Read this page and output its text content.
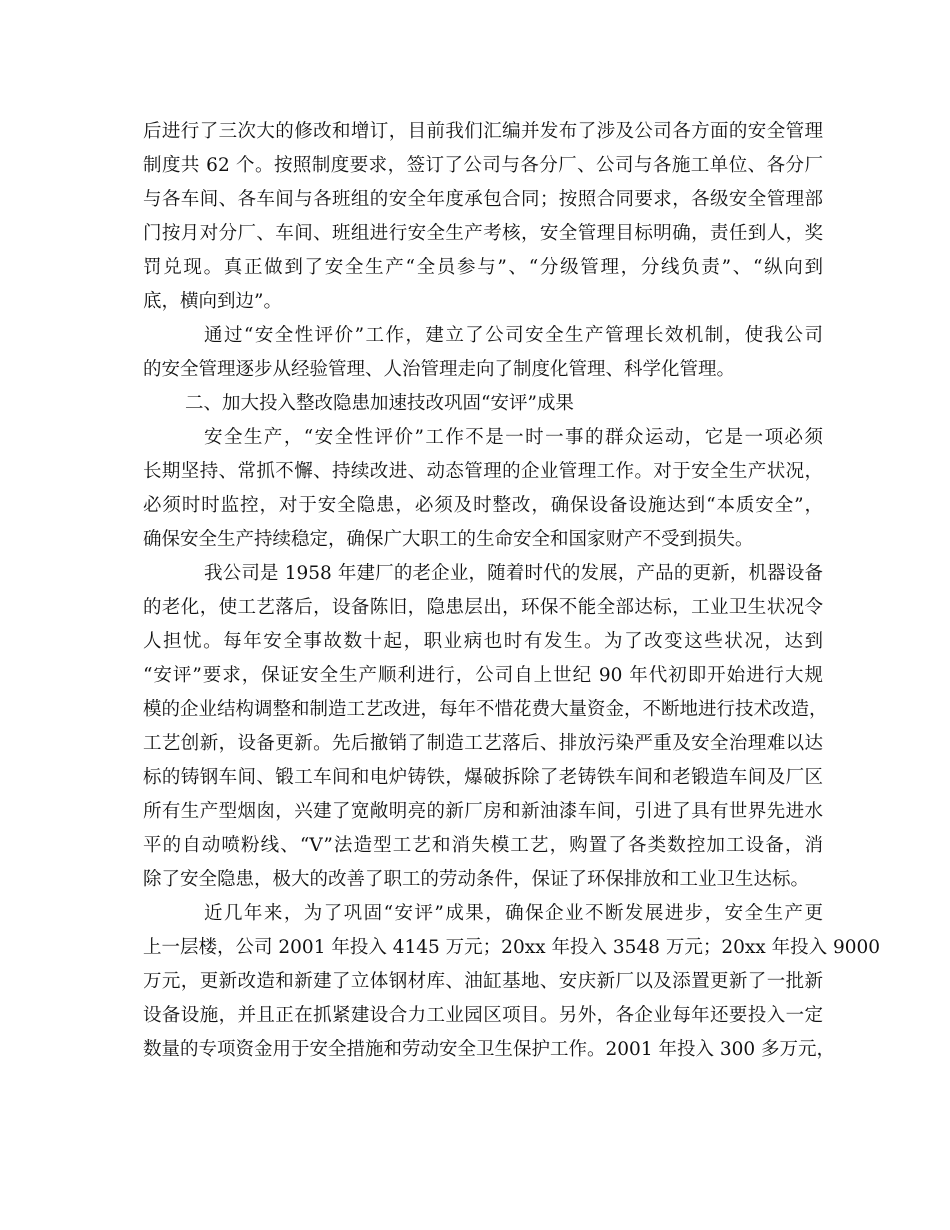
后进行了三次大的修改和增订，目前我们汇编并发布了涉及公司各方面的安全管理
制度共 62 个。按照制度要求，签订了公司与各分厂、公司与各施工单位、各分厂
与各车间、各车间与各班组的安全年度承包合同；按照合同要求，各级安全管理部
门按月对分厂、车间、班组进行安全生产考核，安全管理目标明确，责任到人，奖
罚兑现。真正做到了安全生产“全员参与”、“分级管理，分线负责”、“纵向到
底，横向到边”。
通过“安全性评价”工作，建立了公司安全生产管理长效机制，使我公司
的安全管理逐步从经验管理、人治管理走向了制度化管理、科学化管理。
二、加大投入整改隐患加速技改巩固“安评”成果
安全生产，“安全性评价”工作不是一时一事的群众运动，它是一项必须
长期坚持、常抓不懈、持续改进、动态管理的企业管理工作。对于安全生产状况，
必须时时监控，对于安全隐患，必须及时整改，确保设备设施达到“本质安全”，
确保安全生产持续稳定，确保广大职工的生命安全和国家财产不受到损失。
我公司是 1958 年建厂的老企业，随着时代的发展，产品的更新，机器设备
的老化，使工艺落后，设备陈旧，隐患层出，环保不能全部达标，工业卫生状况令
人担忧。每年安全事故数十起，职业病也时有发生。为了改变这些状况，达到
“安评”要求，保证安全生产顺利进行，公司自上世纪 90 年代初即开始进行大规
模的企业结构调整和制造工艺改进，每年不惜花费大量资金，不断地进行技术改造，
工艺创新，设备更新。先后撤销了制造工艺落后、排放污染严重及安全治理难以达
标的铸钢车间、锻工车间和电炉铸铁，爆破拆除了老铸铁车间和老锻造车间及厂区
所有生产型烟囱，兴建了宽敞明亮的新厂房和新油漆车间，引进了具有世界先进水
平的自动喷粉线、“V”法造型工艺和消失模工艺，购置了各类数控加工设备，消
除了安全隐患，极大的改善了职工的劳动条件，保证了环保排放和工业卫生达标。
近几年来，为了巩固“安评”成果，确保企业不断发展进步，安全生产更
上一层楼，公司 2001 年投入 4145 万元；20xx 年投入 3548 万元；20xx 年投入 9000
万元，更新改造和新建了立体钢材库、油缸基地、安庆新厂以及添置更新了一批新
设备设施，并且正在抓紧建设合力工业园区项目。另外，各企业每年还要投入一定
数量的专项资金用于安全措施和劳动安全卫生保护工作。2001 年投入 300 多万元，
